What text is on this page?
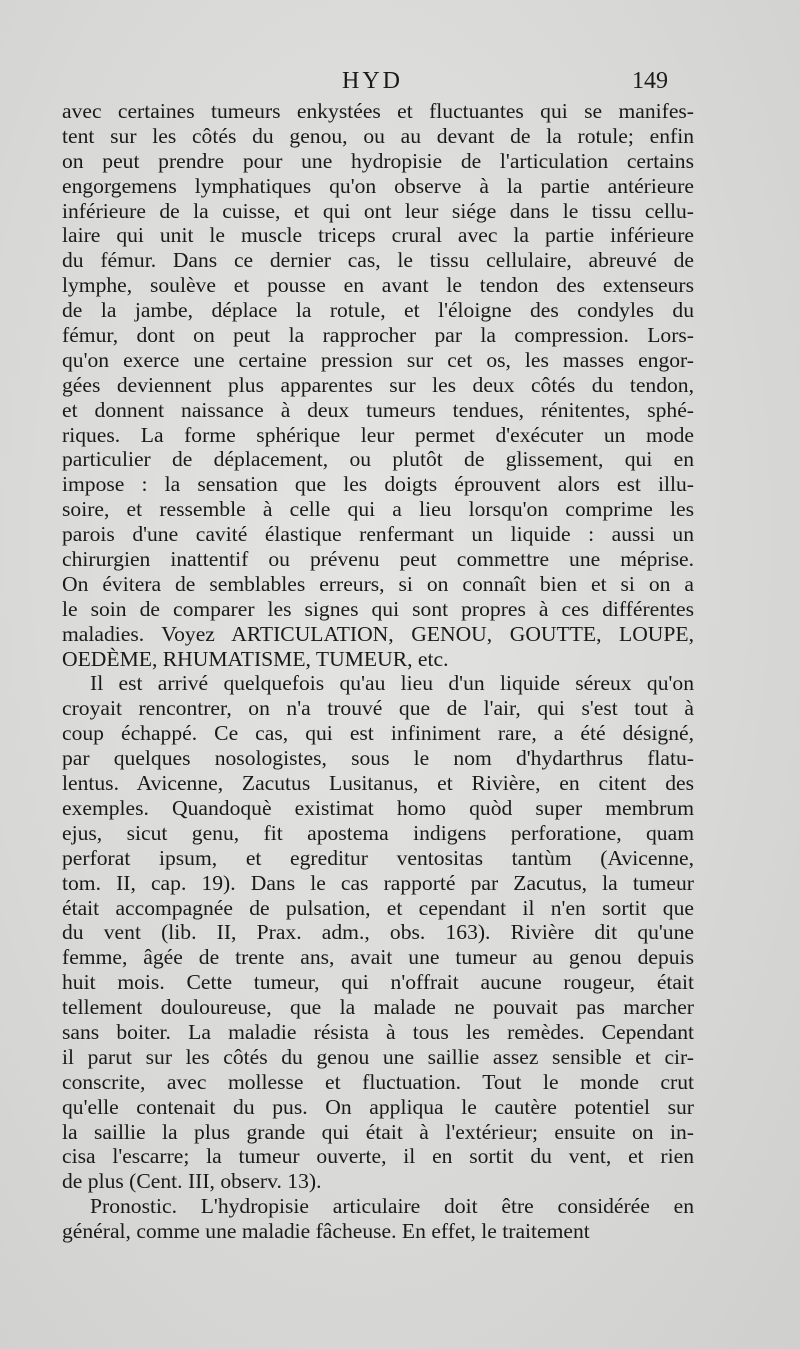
HYD	149
avec certaines tumeurs enkystées et fluctuantes qui se manifes-
tent sur les côtés du genou, ou au devant de la rotule; enfin
on peut prendre pour une hydropisie de l'articulation certains
engorgemens lymphatiques qu'on observe à la partie antérieure
inférieure de la cuisse, et qui ont leur siége dans le tissu cellu-
laire qui unit le muscle triceps crural avec la partie inférieure
du fémur. Dans ce dernier cas, le tissu cellulaire, abreuvé de
lymphe, soulève et pousse en avant le tendon des extenseurs
de la jambe, déplace la rotule, et l'éloigne des condyles du
fémur, dont on peut la rapprocher par la compression. Lors-
qu'on exerce une certaine pression sur cet os, les masses engor-
gées deviennent plus apparentes sur les deux côtés du tendon,
et donnent naissance à deux tumeurs tendues, rénitentes, sphé-
riques. La forme sphérique leur permet d'exécuter un mode
particulier de déplacement, ou plutôt de glissement, qui en
impose : la sensation que les doigts éprouvent alors est illu-
soire, et ressemble à celle qui a lieu lorsqu'on comprime les
parois d'une cavité élastique renfermant un liquide : aussi un
chirurgien inattentif ou prévenu peut commettre une méprise.
On évitera de semblables erreurs, si on connaît bien et si on a
le soin de comparer les signes qui sont propres à ces différentes
maladies. Voyez ARTICULATION, GENOU, GOUTTE, LOUPE,
OEDÈME, RHUMATISME, TUMEUR, etc.
Il est arrivé quelquefois qu'au lieu d'un liquide séreux qu'on
croyait rencontrer, on n'a trouvé que de l'air, qui s'est tout à
coup échappé. Ce cas, qui est infiniment rare, a été désigné,
par quelques nosologistes, sous le nom d'hydarthrus flatu-
lentus. Avicenne, Zacutus Lusitanus, et Rivière, en citent des
exemples. Quandoquè existimat homo quòd super membrum
ejus, sicut genu, fit apostema indigens perforatione, quam
perforat ipsum, et egreditur ventositas tantùm (Avicenne,
tom. II, cap. 19). Dans le cas rapporté par Zacutus, la tumeur
était accompagnée de pulsation, et cependant il n'en sortit que
du vent (lib. II, Prax. adm., obs. 163). Rivière dit qu'une
femme, âgée de trente ans, avait une tumeur au genou depuis
huit mois. Cette tumeur, qui n'offrait aucune rougeur, était
tellement douloureuse, que la malade ne pouvait pas marcher
sans boiter. La maladie résista à tous les remèdes. Cependant
il parut sur les côtés du genou une saillie assez sensible et cir-
conscrite, avec mollesse et fluctuation. Tout le monde crut
qu'elle contenait du pus. On appliqua le cautère potentiel sur
la saillie la plus grande qui était à l'extérieur; ensuite on in-
cisa l'escarre; la tumeur ouverte, il en sortit du vent, et rien
de plus (Cent. III, observ. 13).
Pronostic. L'hydropisie articulaire doit être considérée en
général, comme une maladie fâcheuse. En effet, le traitement
